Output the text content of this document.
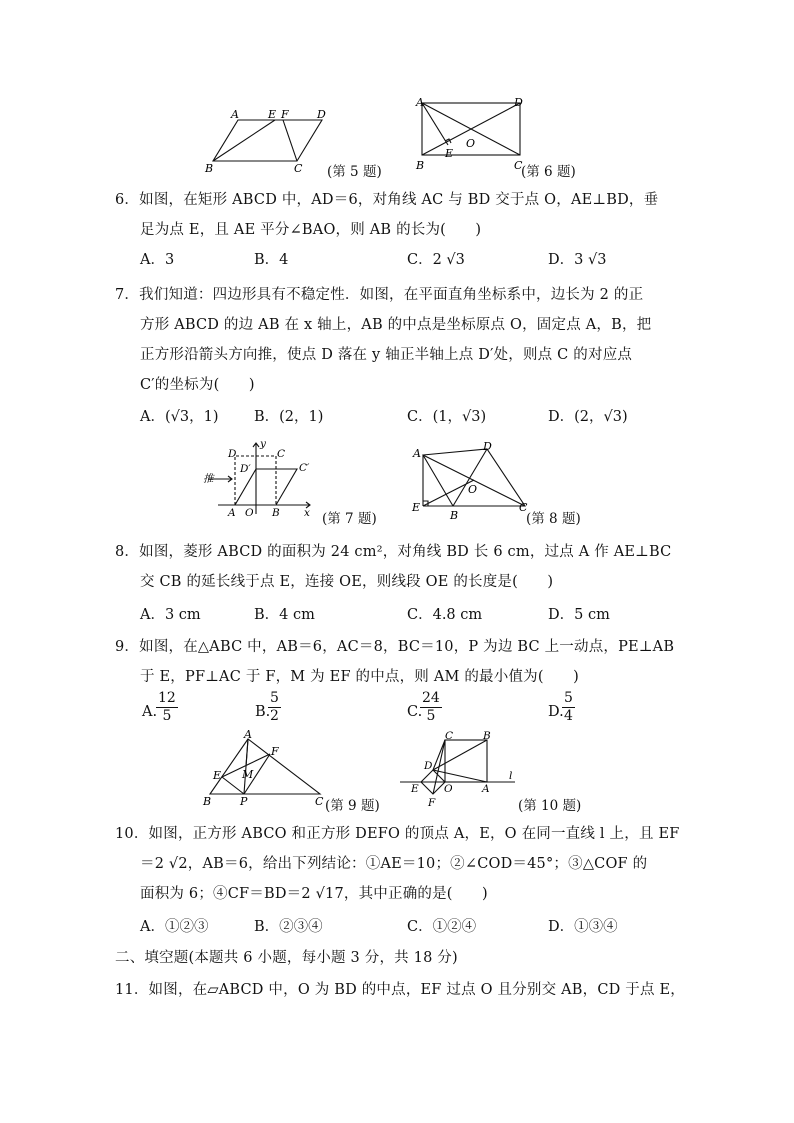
A	E F	D
B	C (第 5 题)
A	D
B	C
O
E
(第 6 题)
6．如图，在矩形 ABCD 中，AD＝6，对角线 AC 与 BD 交于点 O，AE⊥BD，垂
足为点 E，且 AE 平分∠BAO，则 AB 的长为(　　)
A．3	B．4	C．2 √3	D．3 √3
7．我们知道：四边形具有不稳定性．如图，在平面直角坐标系中，边长为 2 的正
方形 ABCD 的边 AB 在 x 轴上，AB 的中点是坐标原点 O，固定点 A，B，把
正方形沿箭头方向推，使点 D 落在 y 轴正半轴上点 D′处，则点 C 的对应点
C′的坐标为(　　)
A．(√3，1) B．(2，1)	C．(1，√3)	D．(2，√3)
y
D	C
D′	C′
推
A O B x (第 7 题)
A
D
O
E
B
C
(第 8 题)
8．如图，菱形 ABCD 的面积为 24 cm²，对角线 BD 长 6 cm，过点 A 作 AE⊥BC
交 CB 的延长线于点 E，连接 OE，则线段 OE 的长度是(　　)
A．3 cm	B．4 cm	C．4.8 cm	D．5 cm
9．如图，在△ABC 中，AB＝6，AC＝8，BC＝10，P 为边 BC 上一动点，PE⊥AB
于 E，PF⊥AC 于 F，M 为 EF 的中点，则 AM 的最小值为(　　)
A.
$\frac{12}{5}$	B.
$\frac{5}{2}$	C.
$\frac{24}{5}$	D.
$\frac{5}{4}$
A
F
E M
B	P	C (第 9 题)
C	B
D
E O	A
F
l
(第 10 题)
10．如图，正方形 ABCO 和正方形 DEFO 的顶点 A，E，O 在同一直线 l 上，且 EF
＝2 √2，AB＝6，给出下列结论：①AE＝10；②∠COD＝45°；③△COF 的
面积为 6；④CF＝BD＝2 √17，其中正确的是(　　)
A．①②③	B．②③④	C．①②④	D．①③④
二、填空题(本题共 6 小题，每小题 3 分，共 18 分)
11．如图，在▱ABCD 中，O 为 BD 的中点，EF 过点 O 且分别交 AB，CD 于点 E，
